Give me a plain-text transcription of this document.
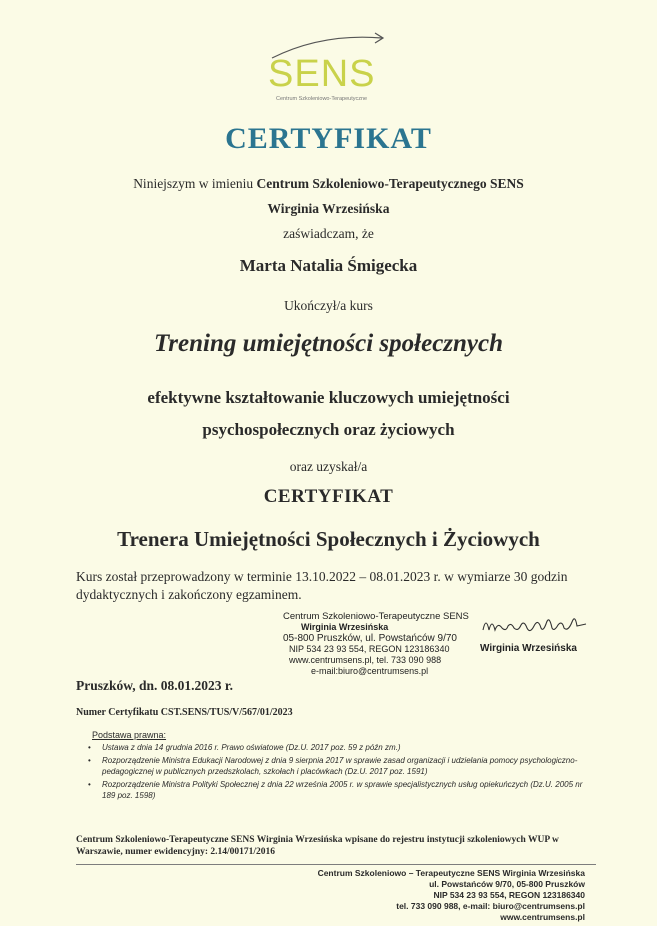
SENS
Centrum Szkoleniowo-Terapeutyczne
CERTYFIKAT
Niniejszym w imieniu Centrum Szkoleniowo-Terapeutycznego SENS
Wirginia Wrzesińska
zaświadczam, że
Marta Natalia Śmigecka
Ukończył/a kurs
Trening umiejętności społecznych
efektywne kształtowanie kluczowych umiejętności
psychospołecznych oraz życiowych
oraz uzyskał/a
CERTYFIKAT
Trenera Umiejętności Społecznych i Życiowych
Kurs został przeprowadzony w terminie 13.10.2022 – 08.01.2023 r. w wymiarze 30 godzin dydaktycznych i zakończony egzaminem.
Centrum Szkoleniowo-Terapeutyczne SENS
Wirginia Wrzesińska
05-800 Pruszków, ul. Powstańców 9/70
NIP 534 23 93 554, REGON 123186340
www.centrumsens.pl, tel. 733 090 988
e-mail:biuro@centrumsens.pl
Wirginia Wrzesińska
Pruszków, dn. 08.01.2023 r.
Numer Certyfikatu CST.SENS/TUS/V/567/01/2023
Podstawa prawna:
• Ustawa z dnia 14 grudnia 2016 r. Prawo oświatowe (Dz.U. 2017 poz. 59 z późn zm.)
• Rozporządzenie Ministra Edukacji Narodowej z dnia 9 sierpnia 2017 w sprawie zasad organizacji i udzielania pomocy psychologiczno-pedagogicznej w publicznych przedszkolach, szkołach i placówkach (Dz.U. 2017 poz. 1591)
• Rozporządzenie Ministra Polityki Społecznej z dnia 22 września 2005 r. w sprawie specjalistycznych usług opiekuńczych (Dz.U. 2005 nr 189 poz. 1598)
Centrum Szkoleniowo-Terapeutyczne SENS Wirginia Wrzesińska wpisane do rejestru instytucji szkoleniowych WUP w Warszawie, numer ewidencyjny: 2.14/00171/2016
Centrum Szkoleniowo – Terapeutyczne SENS Wirginia Wrzesińska
ul. Powstańców 9/70, 05-800 Pruszków
NIP 534 23 93 554, REGON 123186340
tel. 733 090 988, e-mail: biuro@centrumsens.pl
www.centrumsens.pl
